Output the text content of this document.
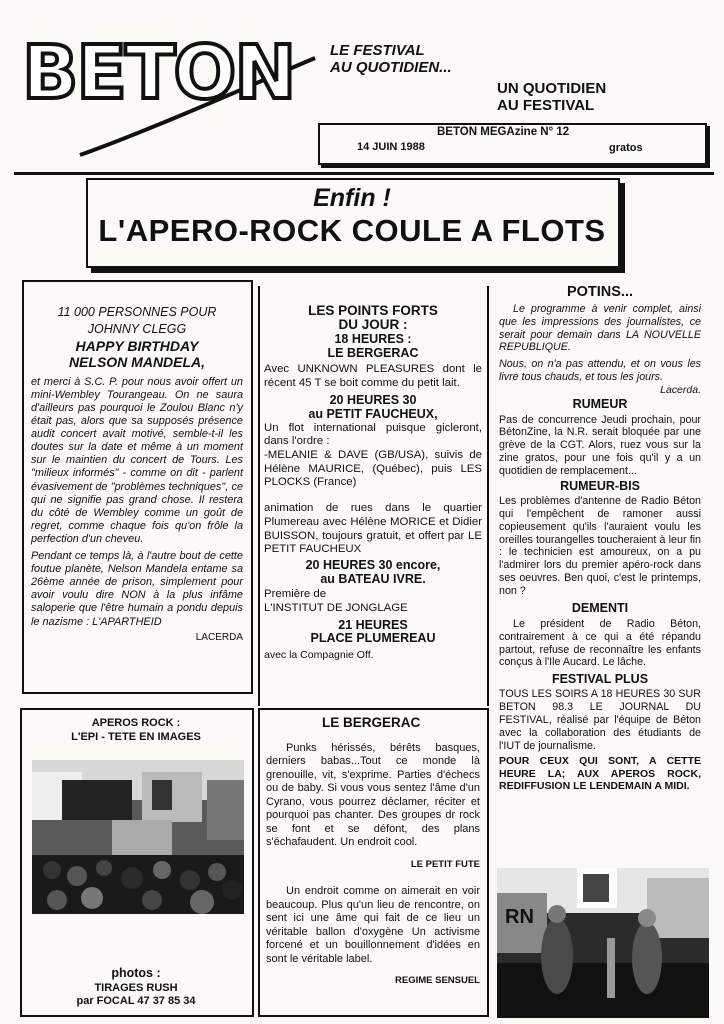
BETON LE FESTIVAL
AU QUOTIDIEN...
UN QUOTIDIEN
AU FESTIVAL
BETON MEGAzine N° 12
14 JUIN 1988	gratos
Enfin !
L'APERO-ROCK COULE A FLOTS
11 000 PERSONNES POUR
JOHNNY CLEGG
HAPPY BIRTHDAY
NELSON MANDELA,

et merci à S.C. P. pour nous avoir offert un mini-Wembley Tourangeau. On ne saura d'ailleurs pas pourquoi le Zoulou Blanc n'y était pas, alors que sa supposés présence audit concert avait motivé, semble-t-il les doutes sur la date et même à un moment sur le maintien du concert de Tours. Les "milieux informés" - comme on dit - parlent évasivement de "problèmes techniques", ce qui ne signifie pas grand chose. Il restera du côté de Wembley comme un goût de regret, comme chaque fois qu'on frôle la perfection d'un cheveu.

Pendant ce temps là, à l'autre bout de cette foutue planète, Nelson Mandela entame sa 26ème année de prison, simplement pour avoir voulu dire NON à la plus infâme saloperie que l'être humain a pondu depuis le nazisme : L'APARTHEID

LACERDA

LES POINTS FORTS
DU JOUR :
18 HEURES :
LE BERGERAC

Avec UNKNOWN PLEASURES dont le récent 45 T se boit comme du petit lait.

20 HEURES 30
au PETIT FAUCHEUX,

Un flot international puisque gicleront, dans l'ordre :

-MELANIE & DAVE (GB/USA), suivis de Hélène MAURICE, (Québec), puis LES PLOCKS (France)

animation de rues dans le quartier Plumereau avec Hélène MORICE et Didier BUISSON, toujours gratuit, et offert par LE PETIT FAUCHEUX

20 HEURES 30 encore,
au BATEAU IVRE.

Première de

L'INSTITUT DE JONGLAGE

21 HEURES
PLACE PLUMEREAU

avec la Compagnie Off.

POTINS...

Le programme à venir complet, ainsi que les impressions des journalistes, ce serait pour demain dans LA NOUVELLE REPUBLIQUE.

Nous, on n'a pas attendu, et on vous les livre tous chauds, et tous les jours.

Lacerda.

RUMEUR

Pas de concurrence Jeudi prochain, pour BétonZine, la N.R. serait bloquée par une grève de la CGT. Alors, ruez vous sur la zine gratos, pour une fois qu'il y a un quotidien de remplacement...

RUMEUR-BIS

Les problèmes d'antenne de Radio Béton qui l'empêchent de ramoner aussi copieusement qu'ils l'auraient voulu les oreilles tourangelles toucheraient à leur fin : le technicien est amoureux, on a pu l'admirer lors du premier apéro-rock dans ses oeuvres. Ben quoi, c'est le printemps, non ?

DEMENTI

Le président de Radio Béton, contrairement à ce qui a été répandu partout, refuse de reconnaître les enfants conçus à l'Ile Aucard. Le lâche.

FESTIVAL PLUS

TOUS LES SOIRS A 18 HEURES 30 SUR BETON 98.3 LE JOURNAL DU FESTIVAL, réalisé par l'équipe de Béton avec la collaboration des étudiants de l'IUT de journalisme.

POUR CEUX QUI SONT, A CETTE HEURE LA; AUX APEROS ROCK, REDIFFUSION LE LENDEMAIN A MIDI.

APEROS ROCK :
L'EPI - TETE EN IMAGES
photos :
TIRAGES RUSH
par FOCAL 47 37 85 34
LE BERGERAC

Punks hérissés, bérêts basques, derniers babas...Tout ce monde là grenouille, vit, s'exprime. Parties d'échecs ou de baby. Si vous vous sentez l'âme d'un Cyrano, vous pourrez déclamer, réciter et pourquoi pas chanter. Des groupes dr rock se font et se défont, des plans s'échafaudent. Un endroit cool.

LE PETIT FUTE

Un endroit comme on aimerait en voir beaucoup. Plus qu'un lieu de rencontre, on sent ici une âme qui fait de ce lieu un véritable ballon d'oxygène Un activisme forcené et un bouillonnement d'idées en sont le véritable label.

REGIME SENSUEL

RN
